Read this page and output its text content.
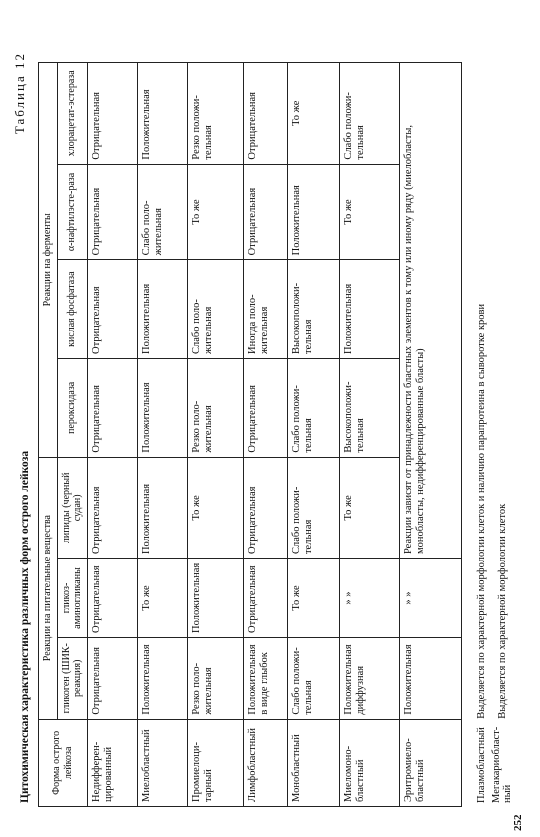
252
Таблица 12
Цитохимическая характеристика различных форм острого лейкоза Форма острого лейкоза	Реакции на питательные вещества			Реакции на ферменты			
	гликоген (ШИК-реакция)	гликоз-аминогликаны	липиды (черный судан)	пероксидаза	кислая фосфатаза	α-нафтилэсте-раза	хлорацетат-эстераза
Недифферен-цированный	Отрицательная	Отрицательная	Отрицательная	Отрицательная	Отрицательная	Отрицательная	Отрицательная
Миелобластный	Положительная	То же	Положительная	Положительная	Положительная	Слабо поло-жительная	Положительная
Промиелоци-тарный	Резко поло-жительная	Положительная	То же	Резко поло-жительная	Слабо поло-жительная	То же	Резко положи-тельная
Лимфобластный	Положительная в виде глыбок	Отрицательная	Отрицательная	Отрицательная	Иногда поло-жительная	Отрицательная	Отрицательная
Монобластный	Слабо положи-тельная	То же	Слабо положи-тельная	Слабо положи-тельная	Высокоположи-тельная	Положительная	То же
Миеломоно-бластный	Положительная диффузная	» »	То же	Высокоположи-тельная	Положительная	То же	Слабо положи-тельная
Эритромиело-бластный	Положительная	» »	Реакции зависят от принадлежности бластных элементов к тому или иному ряду (миелобласты, монобласты, недифференцированные бласты)				
Плазмобластный	Выделяется по характерной морфологии клеток и наличию парапротеина в сыворотке крови
Мегакариобласт-ный	Выделяется по характерной морфологии клеток
